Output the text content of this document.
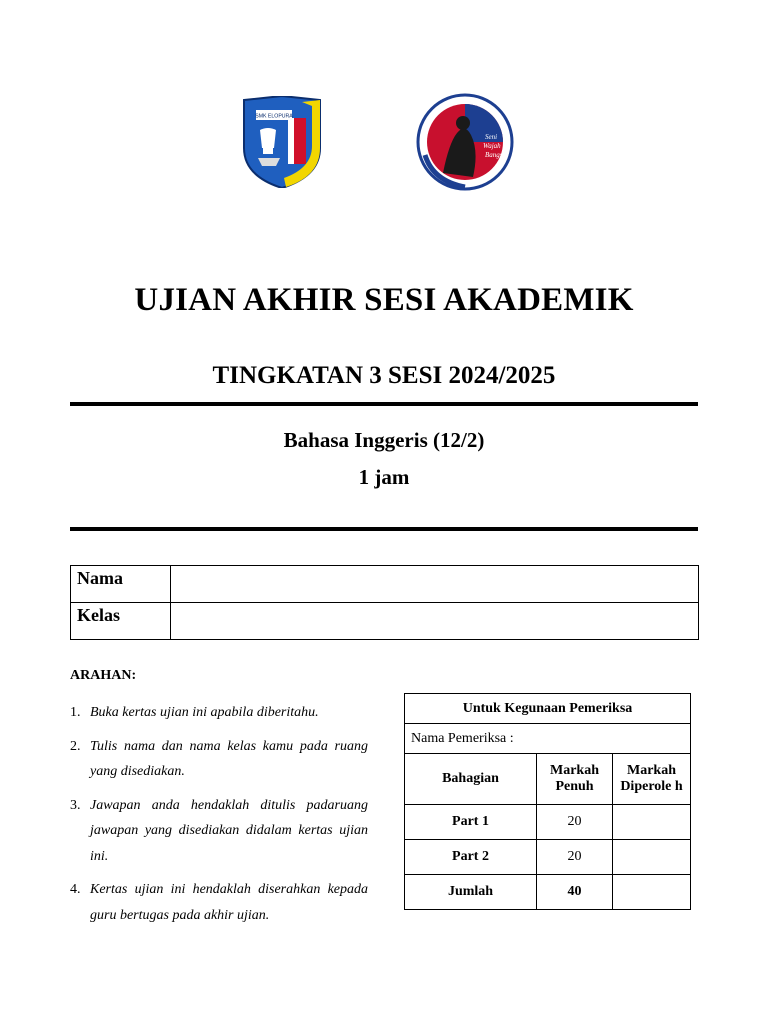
SMK ELOPURA
Seni
Wajah
Bangsa
UJIAN AKHIR SESI AKADEMIK
TINGKATAN 3 SESI 2024/2025
Bahasa Inggeris (12/2)
1 jam
Nama	
Kelas	
ARAHAN:
1. Buka kertas ujian ini apabila diberitahu.
2. Tulis nama dan nama kelas kamu pada ruang yang disediakan.
3. Jawapan anda hendaklah ditulis padaruang jawapan yang disediakan didalam kertas ujian ini.
4. Kertas ujian ini hendaklah diserahkan kepada guru bertugas pada akhir ujian.
Untuk Kegunaan Pemeriksa		
Nama Pemeriksa :		
Bahagian	Markah Penuh	Markah Diperole h
Part 1	20	
Part 2	20	
Jumlah	40	
